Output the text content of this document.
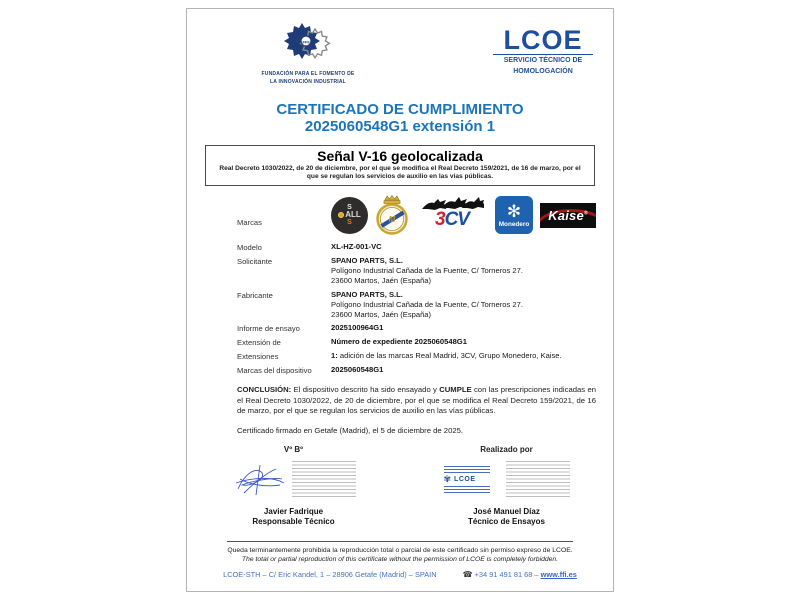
FFII
FUNDACIÓN PARA EL FOMENTO DE
LA INNOVACIÓN INDUSTRIAL
LCOE
SERVICIO TÉCNICO DE
HOMOLOGACIÓN
CERTIFICADO DE CUMPLIMIENTO
2025060548G1 extensión 1
Señal V-16 geolocalizada
Real Decreto 1030/2022, de 20 de diciembre, por el que se modifica el Real Decreto 159/2021, de 16 de marzo, por el que se regulan los servicios de auxilio en las vías públicas.
Marcas
S
ALL
S	M	3CV	✻
Monedero
Kaise®
Modelo	XL-HZ-001-VC
Solicitante	SPANO PARTS, S.L.
Polígono Industrial Cañada de la Fuente, C/ Torneros 27.
23600 Martos, Jaén (España)
Fabricante	SPANO PARTS, S.L.
Polígono Industrial Cañada de la Fuente, C/ Torneros 27.
23600 Martos, Jaén (España)
Informe de ensayo	2025100964G1
Extensión de	Número de expediente 2025060548G1
Extensiones	1: adición de las marcas Real Madrid, 3CV, Grupo Monedero, Kaise.
Marcas del dispositivo	2025060548G1
CONCLUSIÓN: El dispositivo descrito ha sido ensayado y CUMPLE con las prescripciones indicadas en el Real Decreto 1030/2022, de 20 de diciembre, por el que se modifica el Real Decreto 159/2021, de 16 de marzo, por el que se regulan los servicios de auxilio en las vías públicas.
Certificado firmado en Getafe (Madrid), el 5 de diciembre de 2025.
Vº Bº
Javier Fadrique
Responsable Técnico
Realizado por
✾ LCOE
José Manuel Díaz
Técnico de Ensayos
Queda terminantemente prohibida la reproducción total o parcial de este certificado sin permiso expreso de LCOE.
The total or partial reproduction of this certificate without the permission of LCOE is completely forbidden.
LCOE-STH – C/ Eric Kandel, 1 – 28906 Getafe (Madrid) – SPAIN	☎ +34 91 491 81 68 – www.ffi.es
